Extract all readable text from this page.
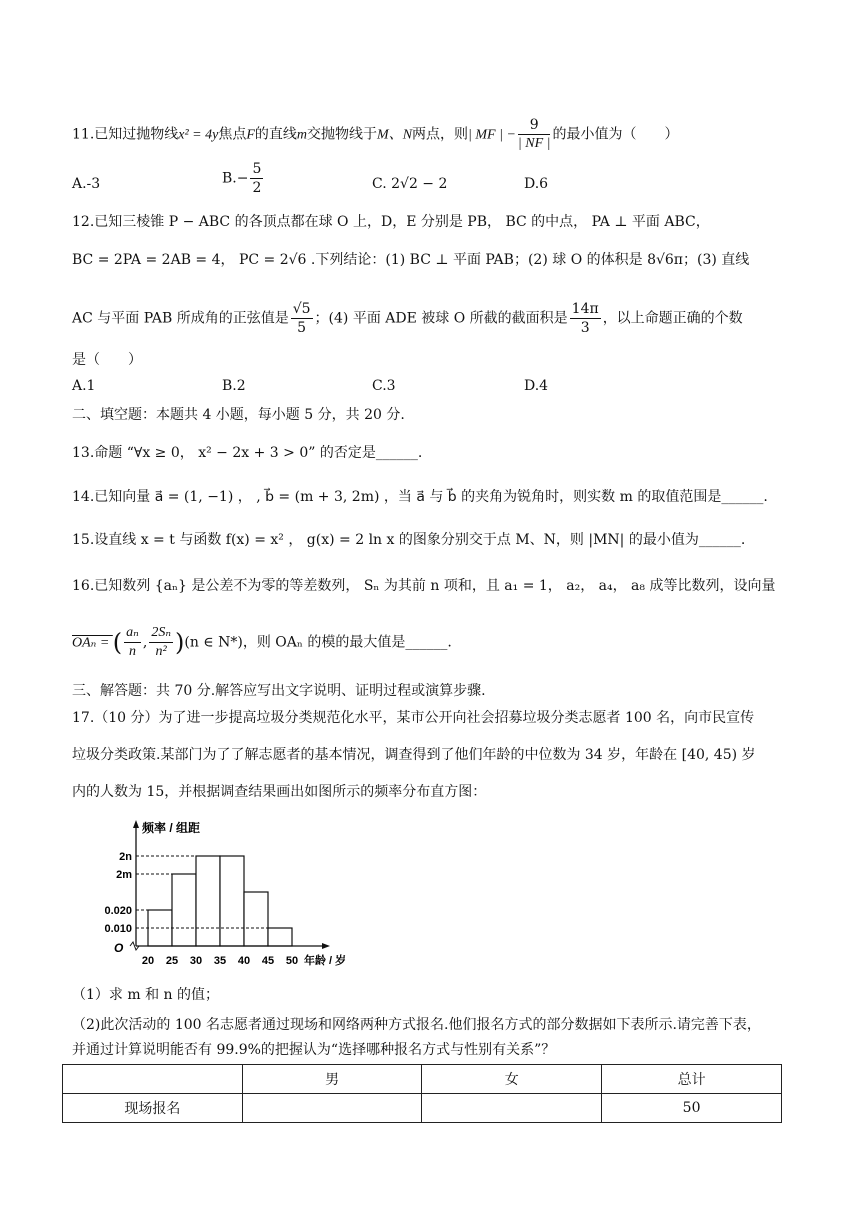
11.已知过抛物线x² = 4y焦点F的直线m交抛物线于M、N两点，则| MF | − $\frac{9}{| NF |}$ 的最小值为（　　）
A.-3	$B.- \frac{5}{2}$	C. 2√2 − 2	D.6
12.已知三棱锥 P − ABC 的各顶点都在球 O 上，D，E 分别是 PB， BC 的中点， PA ⊥ 平面 ABC，
BC = 2PA = 2AB = 4， PC = 2√6 .下列结论：(1) BC ⊥ 平面 PAB；(2) 球 O 的体积是 8√6π；(3) 直线
AC 与平面 PAB 所成角的正弦值是 $\frac{√5}{5}$ ；(4) 平面 ADE 被球 O 所截的截面积是 $\frac{14\pi}{3}$ ，以上命题正确的个数
是（　　）
A.1	B.2	C.3	D.4
二、填空题：本题共 4 小题，每小题 5 分，共 20 分.
13.命题 “∀x ≥ 0， x² − 2x + 3 > 0” 的否定是______.
14.已知向量 a⃗ = (1, −1) ， , b⃗ = (m + 3, 2m) ，当 a⃗ 与 b⃗ 的夹角为锐角时，则实数 m 的取值范围是______.
15.设直线 x = t 与函数 f(x) = x² ， g(x) = 2 ln x 的图象分别交于点 M、N，则 |MN| 的最小值为______.
16.已知数列 {aₙ} 是公差不为零的等差数列， Sₙ 为其前 n 项和，且 a₁ = 1， a₂， a₄， a₈ 成等比数列，设向量
OAₙ = ( $\frac{\text{aₙ}}{n}$ , $\frac{\text{2Sₙ}}{\text{n²}} )(n$ ∈ N*)，则 OAₙ 的模的最大值是______.
三、解答题：共 70 分.解答应写出文字说明、证明过程或演算步骤.
17.（10 分）为了进一步提高垃圾分类规范化水平，某市公开向社会招募垃圾分类志愿者 100 名，向市民宣传
垃圾分类政策.某部门为了了解志愿者的基本情况，调查得到了他们年龄的中位数为 34 岁，年龄在 [40, 45) 岁
内的人数为 15，并根据调查结果画出如图所示的频率分布直方图：
0.010
0.020
2m
2n
O
频率 / 组距
20 25 30 35 40 45 50 年龄 / 岁
（1）求 m 和 n 的值；
（2)此次活动的 100 名志愿者通过现场和网络两种方式报名.他们报名方式的部分数据如下表所示.请完善下表，
并通过计算说明能否有 99.9%的把握认为“选择哪种报名方式与性别有关系”？
	男	女	总计
现场报名			50
